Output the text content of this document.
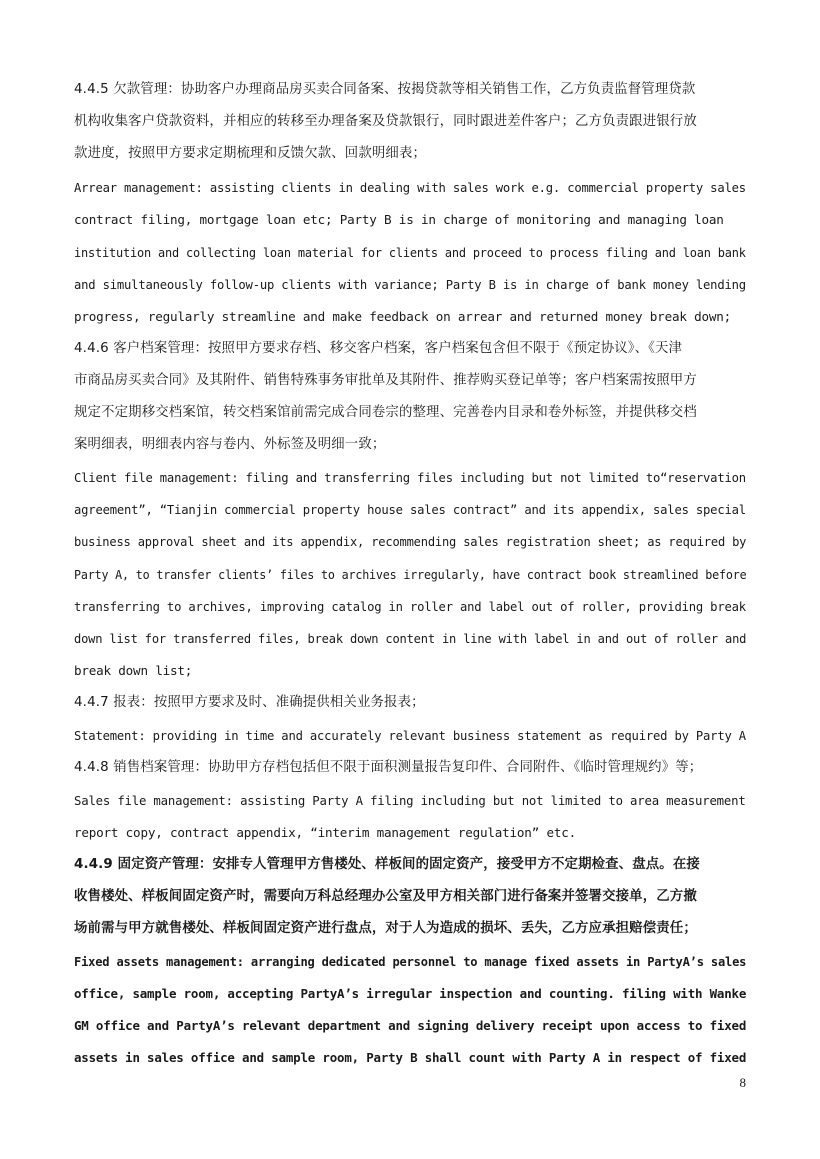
4.4.5 欠款管理：协助客户办理商品房买卖合同备案、按揭贷款等相关销售工作，乙方负责监督管理贷款
机构收集客户贷款资料，并相应的转移至办理备案及贷款银行，同时跟进差件客户；乙方负责跟进银行放
款进度，按照甲方要求定期梳理和反馈欠款、回款明细表；
Arrear management: assisting clients in dealing with sales work e.g. commercial property sales
contract filing, mortgage loan etc; Party B is in charge of monitoring and managing loan
institution and collecting loan material for clients and proceed to process filing and loan bank
and simultaneously follow-up clients with variance; Party B is in charge of bank money lending
progress, regularly streamline and make feedback on arrear and returned money break down;
4.4.6 客户档案管理：按照甲方要求存档、移交客户档案，客户档案包含但不限于《预定协议》、《天津
市商品房买卖合同》及其附件、销售特殊事务审批单及其附件、推荐购买登记单等；客户档案需按照甲方
规定不定期移交档案馆，转交档案馆前需完成合同卷宗的整理、完善卷内目录和卷外标签，并提供移交档
案明细表，明细表内容与卷内、外标签及明细一致；
Client file management: filing and transferring files including but not limited to“reservation
agreement”, “Tianjin commercial property house sales contract” and its appendix, sales special
business approval sheet and its appendix, recommending sales registration sheet; as required by
Party A, to transfer clients’ files to archives irregularly, have contract book streamlined before
transferring to archives, improving catalog in roller and label out of roller, providing break
down list for transferred files, break down content in line with label in and out of roller and
break down list;
4.4.7 报表：按照甲方要求及时、准确提供相关业务报表；
Statement: providing in time and accurately relevant business statement as required by Party A
4.4.8 销售档案管理：协助甲方存档包括但不限于面积测量报告复印件、合同附件、《临时管理规约》等；
Sales file management: assisting Party A filing including but not limited to area measurement
report copy, contract appendix, “interim management regulation” etc.
4.4.9 固定资产管理：安排专人管理甲方售楼处、样板间的固定资产，接受甲方不定期检查、盘点。在接
收售楼处、样板间固定资产时，需要向万科总经理办公室及甲方相关部门进行备案并签署交接单，乙方撤
场前需与甲方就售楼处、样板间固定资产进行盘点，对于人为造成的损坏、丢失，乙方应承担赔偿责任；
Fixed assets management: arranging dedicated personnel to manage fixed assets in PartyA’s sales
office, sample room, accepting PartyA’s irregular inspection and counting. filing with Wanke
GM office and PartyA’s relevant department and signing delivery receipt upon access to fixed
assets in sales office and sample room, Party B shall count with Party A in respect of fixed
8
